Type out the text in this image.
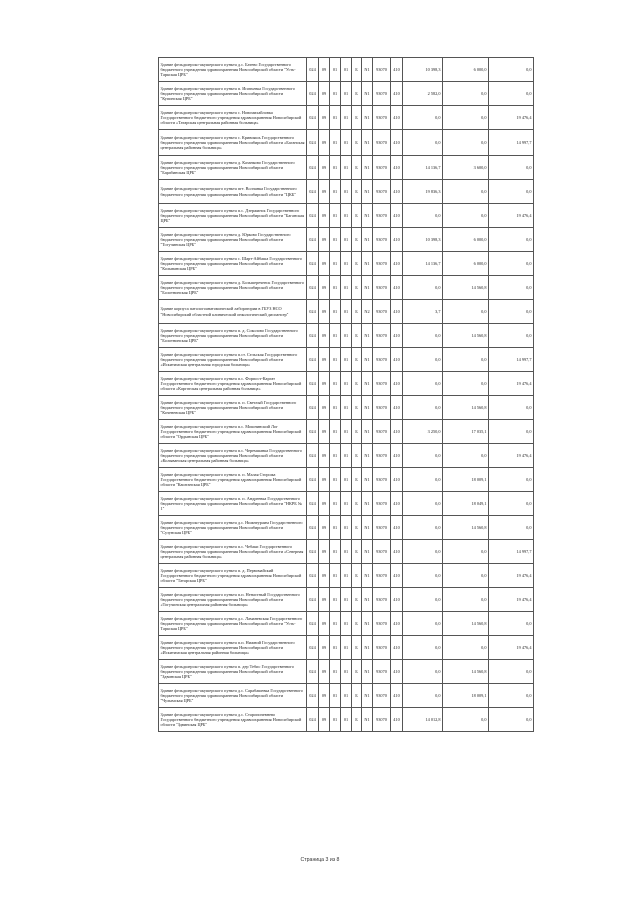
Здание фельдшерско-акушерского пункта д.с. Батево Государственного бюджетного учреждения здравоохранения Новосибирской области "Усть-Таркская ЦРБ"	024	09	01	01	Б	N1	93070	410	10 398,3	6 000,0	0,0
Здание фельдшерско-акушерского пункта п. Ипатьевка Государственного бюджетного учреждения здравоохранения Новосибирской области "Купинская ЦРБ"	024	09	01	01	Б	N1	93070	410	2 582,0	0,0	0,0
Здание фельдшерско-акушерского пункта с. Новомихайловка Государственного бюджетного учреждения здравоохранения Новосибирской области «Татарская центральная районная больница»	024	09	01	01	Б	N1	93070	410	0,0	0,0	19 476,4
Здание фельдшерско-акушерского пункта с. Кривояшь Государственного бюджетного учреждения здравоохранения Новосибирской области «Баганская центральная районная больница»	024	09	01	01	Б	N1	93070	410	0,0	0,0	14 997,7
Здание фельдшерско-акушерского пункта д. Казанково Государственного бюджетного учреждения здравоохранения Новосибирской области "Барабинская ЦРБ"	024	09	01	01	Б	N1	93070	410	14 136,7	3 600,0	0,0
Здание фельдшерско-акушерского пункта пгт. Волчанка Государственного бюджетного учреждения здравоохранения Новосибирской области "ЦКБ"	024	09	01	01	Б	N1	93070	410	19 836,3	0,0	0,0
Здание фельдшерско-акушерского пункта п.с. Дзержинск Государственного бюджетного учреждения здравоохранения Новосибирской области "Баганская ЦРБ"	024	09	01	01	Б	N1	93070	410	0,0	0,0	19 476,4
Здание фельдшерско-акушерского пункта д. Юрково Государственного бюджетного учреждения здравоохранения Новосибирской области "Тогучинская ЦРБ"	024	09	01	01	Б	N1	93070	410	10 398,3	6 000,0	0,0
Здание фельдшерско-акушерского пункта с. Шарт-Айбаша Государственного бюджетного учреждения здравоохранения Новосибирской области "Колыванская ЦРБ"	024	09	01	01	Б	N1	93070	410	14 136,7	6 000,0	0,0
Здание фельдшерско-акушерского пункта д. Большереченск Государственного бюджетного учреждения здравоохранения Новосибирской области "Болотнинская ЦРБ"	024	09	01	01	Б	N1	93070	410	0,0	14 560,8	0,0
Здание корпуса патологоанатомической лаборатории в ГБУЗ НСО "Новосибирский областной клинический онкологический диспансер"	024	09	01	01	Б	N2	93070	410	3,7	0,0	0,0
Здание фельдшерско-акушерского пункта п. д. Соколово Государственного бюджетного учреждения здравоохранения Новосибирской области "Болотнинская ЦРБ"	024	09	01	01	Б	N1	93070	410	0,0	14 560,8	0,0
Здание фельдшерско-акушерского пункта п.ст. Сельская Государственного бюджетного учреждения здравоохранения Новосибирской области «Искитимская центральная городская больница»	024	09	01	01	Б	N1	93070	410	0,0	0,0	14 997,7
Здание фельдшерско-акушерского пункта п.с. Форпост-Каргат Государственного бюджетного учреждения здравоохранения Новосибирской области «Каргатская центральная районная больница»	024	09	01	01	Б	N1	93070	410	0,0	0,0	19 476,4
Здание фельдшерско-акушерского пункта п. п. Светлый Государственного бюджетного учреждения здравоохранения Новосибирской области "Коченевская ЦРБ"	024	09	01	01	Б	N1	93070	410	0,0	14 560,8	0,0
Здание фельдшерско-акушерского пункта п.с. Мошнинский Лог Государственного бюджетного учреждения здравоохранения Новосибирской области "Ордынская ЦРБ"	024	09	01	01	Б	N1	93070	410	3 250,0	17 035,1	0,0
Здание фельдшерско-акушерского пункта п.с. Черемшанка Государственного бюджетного учреждения здравоохранения Новосибирской области «Колыванская центральная районная больница»	024	09	01	01	Б	N1	93070	410	0,0	0,0	19 476,4
Здание фельдшерско-акушерского пункта п. п. Малая Сторожа Государственного бюджетного учреждения здравоохранения Новосибирской области "Каштанская ЦРБ"	024	09	01	01	Б	N1	93070	410	0,0	18 009,1	0,0
Здание фельдшерско-акушерского пункта п. п. Андреевка Государственного бюджетного учреждения здравоохранения Новосибирской области "НКРБ № 1"	024	09	01	01	Б	N1	93070	410	0,0	18 049,1	0,0
Здание фельдшерско-акушерского пункта д.с. Нижнеураим Государственного бюджетного учреждения здравоохранения Новосибирской области "Сузунская ЦРБ"	024	09	01	01	Б	N1	93070	410	0,0	14 560,8	0,0
Здание фельдшерско-акушерского пункта п.с. Чебаки Государственного бюджетного учреждения здравоохранения Новосибирской области «Северная центральная районная больница»	024	09	01	01	Б	N1	93070	410	0,0	0,0	14 997,7
Здание фельдшерско-акушерского пункта п. д. Первомайский Государственного бюджетного учреждения здравоохранения Новосибирской области "Татарская ЦРБ"	024	09	01	01	Б	N1	93070	410	0,0	0,0	19 476,4
Здание фельдшерско-акушерского пункта п.п. Ненастный Государственного бюджетного учреждения здравоохранения Новосибирской области «Тогучинская центральная районная больница»	024	09	01	01	Б	N1	93070	410	0,0	0,0	19 476,4
Здание фельдшерско-акушерского пункта д.с. Ламаневская Государственного бюджетного учреждения здравоохранения Новосибирской области "Усть-Таркская ЦРБ"	024	09	01	01	Б	N1	93070	410	0,0	14 560,8	0,0
Здание фельдшерско-акушерского пункта п.п. Нижний Государственного бюджетного учреждения здравоохранения Новосибирской области «Искитимская центральная районная больница»	024	09	01	01	Б	N1	93070	410	0,0	0,0	19 476,4
Здание фельдшерско-акушерского пункта п. дер Тебис Государственного бюджетного учреждения здравоохранения Новосибирской области "Здвинская ЦРБ"	024	09	01	01	Б	N1	93070	410	0,0	14 560,8	0,0
Здание фельдшерско-акушерского пункта д.с. Сарабашевка Государственного бюджетного учреждения здравоохранения Новосибирской области "Чулымская ЦРБ"	024	09	01	01	Б	N1	93070	410	0,0	18 009,1	0,0
Здание фельдшерско-акушерского пункта д.с. Старопичевнево Государственного бюджетного учреждения здравоохранения Новосибирской области "Здвинская ЦРБ"	024	09	01	01	Б	N1	93070	410	14 012,8	0,0	0,0
Страница 3 из 8
